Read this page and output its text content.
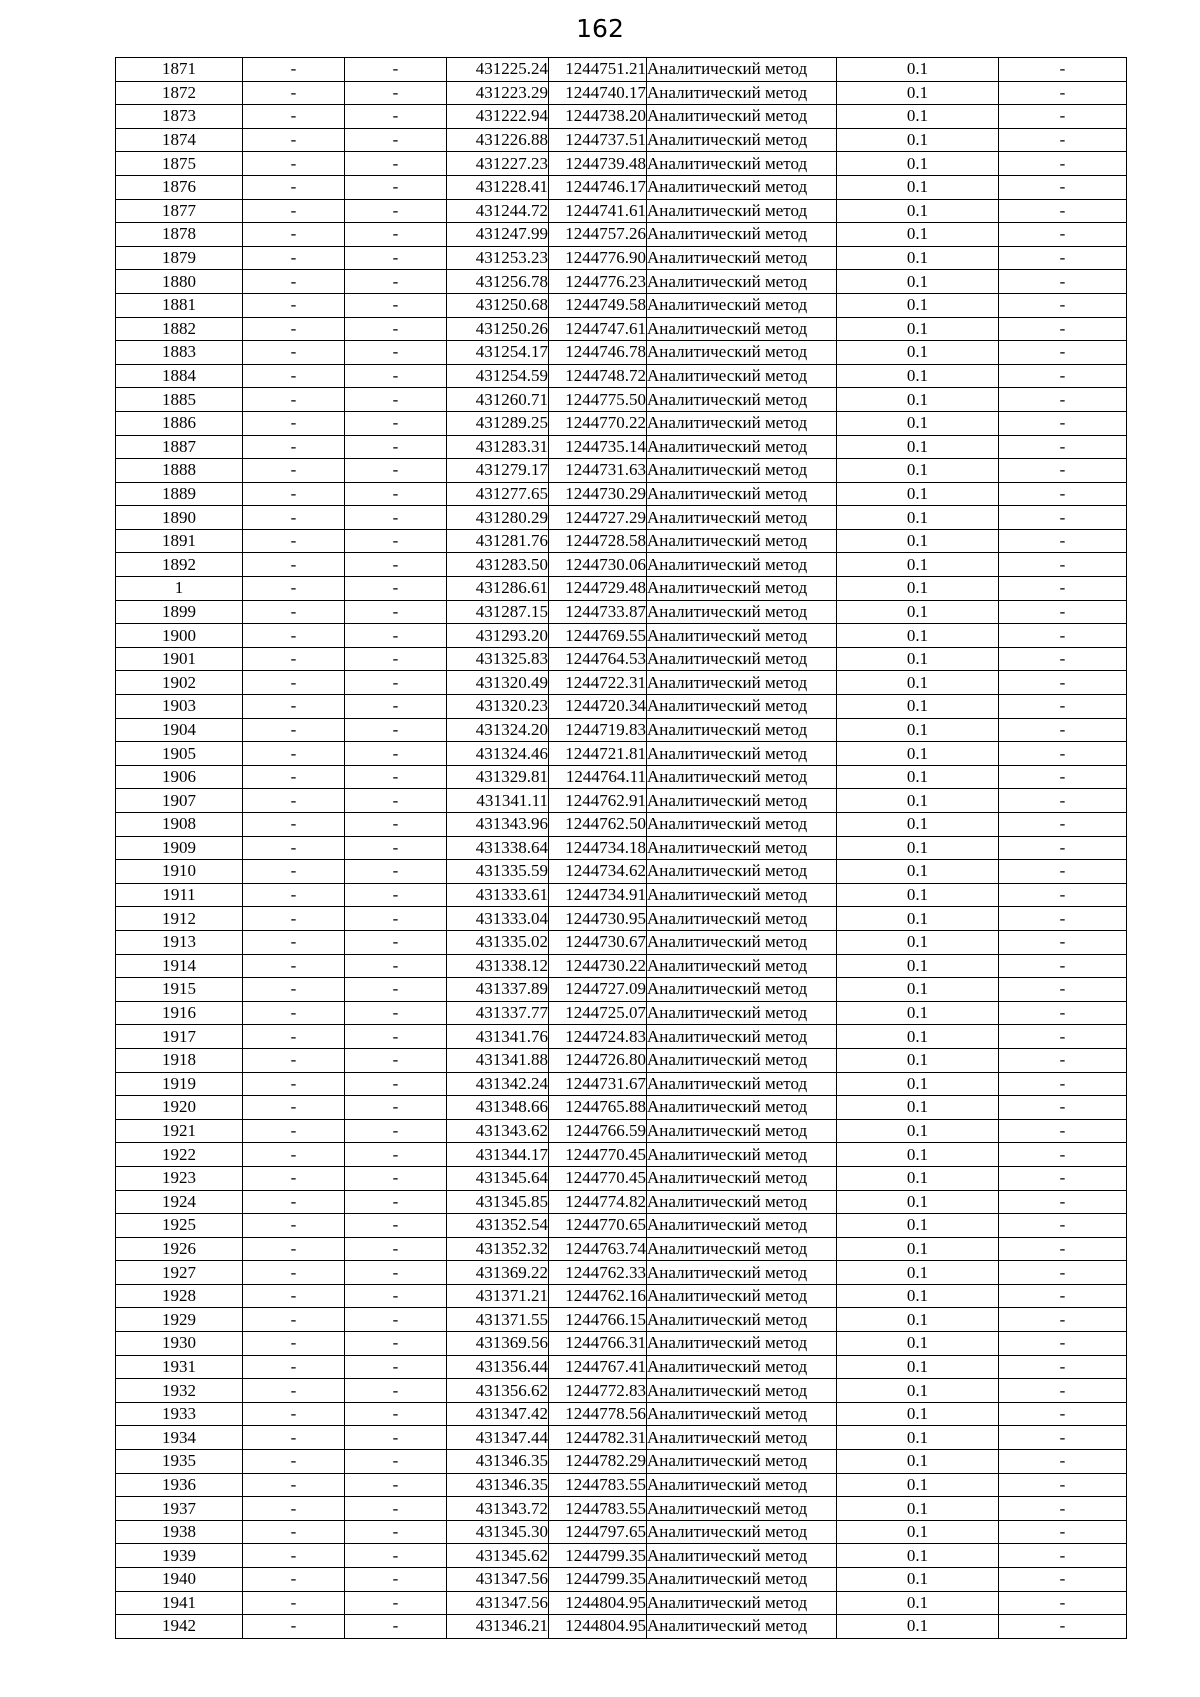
162
1871	-	-	431225.24	1244751.21	Аналитический метод	0.1	-
1872	-	-	431223.29	1244740.17	Аналитический метод	0.1	-
1873	-	-	431222.94	1244738.20	Аналитический метод	0.1	-
1874	-	-	431226.88	1244737.51	Аналитический метод	0.1	-
1875	-	-	431227.23	1244739.48	Аналитический метод	0.1	-
1876	-	-	431228.41	1244746.17	Аналитический метод	0.1	-
1877	-	-	431244.72	1244741.61	Аналитический метод	0.1	-
1878	-	-	431247.99	1244757.26	Аналитический метод	0.1	-
1879	-	-	431253.23	1244776.90	Аналитический метод	0.1	-
1880	-	-	431256.78	1244776.23	Аналитический метод	0.1	-
1881	-	-	431250.68	1244749.58	Аналитический метод	0.1	-
1882	-	-	431250.26	1244747.61	Аналитический метод	0.1	-
1883	-	-	431254.17	1244746.78	Аналитический метод	0.1	-
1884	-	-	431254.59	1244748.72	Аналитический метод	0.1	-
1885	-	-	431260.71	1244775.50	Аналитический метод	0.1	-
1886	-	-	431289.25	1244770.22	Аналитический метод	0.1	-
1887	-	-	431283.31	1244735.14	Аналитический метод	0.1	-
1888	-	-	431279.17	1244731.63	Аналитический метод	0.1	-
1889	-	-	431277.65	1244730.29	Аналитический метод	0.1	-
1890	-	-	431280.29	1244727.29	Аналитический метод	0.1	-
1891	-	-	431281.76	1244728.58	Аналитический метод	0.1	-
1892	-	-	431283.50	1244730.06	Аналитический метод	0.1	-
1	-	-	431286.61	1244729.48	Аналитический метод	0.1	-
1899	-	-	431287.15	1244733.87	Аналитический метод	0.1	-
1900	-	-	431293.20	1244769.55	Аналитический метод	0.1	-
1901	-	-	431325.83	1244764.53	Аналитический метод	0.1	-
1902	-	-	431320.49	1244722.31	Аналитический метод	0.1	-
1903	-	-	431320.23	1244720.34	Аналитический метод	0.1	-
1904	-	-	431324.20	1244719.83	Аналитический метод	0.1	-
1905	-	-	431324.46	1244721.81	Аналитический метод	0.1	-
1906	-	-	431329.81	1244764.11	Аналитический метод	0.1	-
1907	-	-	431341.11	1244762.91	Аналитический метод	0.1	-
1908	-	-	431343.96	1244762.50	Аналитический метод	0.1	-
1909	-	-	431338.64	1244734.18	Аналитический метод	0.1	-
1910	-	-	431335.59	1244734.62	Аналитический метод	0.1	-
1911	-	-	431333.61	1244734.91	Аналитический метод	0.1	-
1912	-	-	431333.04	1244730.95	Аналитический метод	0.1	-
1913	-	-	431335.02	1244730.67	Аналитический метод	0.1	-
1914	-	-	431338.12	1244730.22	Аналитический метод	0.1	-
1915	-	-	431337.89	1244727.09	Аналитический метод	0.1	-
1916	-	-	431337.77	1244725.07	Аналитический метод	0.1	-
1917	-	-	431341.76	1244724.83	Аналитический метод	0.1	-
1918	-	-	431341.88	1244726.80	Аналитический метод	0.1	-
1919	-	-	431342.24	1244731.67	Аналитический метод	0.1	-
1920	-	-	431348.66	1244765.88	Аналитический метод	0.1	-
1921	-	-	431343.62	1244766.59	Аналитический метод	0.1	-
1922	-	-	431344.17	1244770.45	Аналитический метод	0.1	-
1923	-	-	431345.64	1244770.45	Аналитический метод	0.1	-
1924	-	-	431345.85	1244774.82	Аналитический метод	0.1	-
1925	-	-	431352.54	1244770.65	Аналитический метод	0.1	-
1926	-	-	431352.32	1244763.74	Аналитический метод	0.1	-
1927	-	-	431369.22	1244762.33	Аналитический метод	0.1	-
1928	-	-	431371.21	1244762.16	Аналитический метод	0.1	-
1929	-	-	431371.55	1244766.15	Аналитический метод	0.1	-
1930	-	-	431369.56	1244766.31	Аналитический метод	0.1	-
1931	-	-	431356.44	1244767.41	Аналитический метод	0.1	-
1932	-	-	431356.62	1244772.83	Аналитический метод	0.1	-
1933	-	-	431347.42	1244778.56	Аналитический метод	0.1	-
1934	-	-	431347.44	1244782.31	Аналитический метод	0.1	-
1935	-	-	431346.35	1244782.29	Аналитический метод	0.1	-
1936	-	-	431346.35	1244783.55	Аналитический метод	0.1	-
1937	-	-	431343.72	1244783.55	Аналитический метод	0.1	-
1938	-	-	431345.30	1244797.65	Аналитический метод	0.1	-
1939	-	-	431345.62	1244799.35	Аналитический метод	0.1	-
1940	-	-	431347.56	1244799.35	Аналитический метод	0.1	-
1941	-	-	431347.56	1244804.95	Аналитический метод	0.1	-
1942	-	-	431346.21	1244804.95	Аналитический метод	0.1	-
